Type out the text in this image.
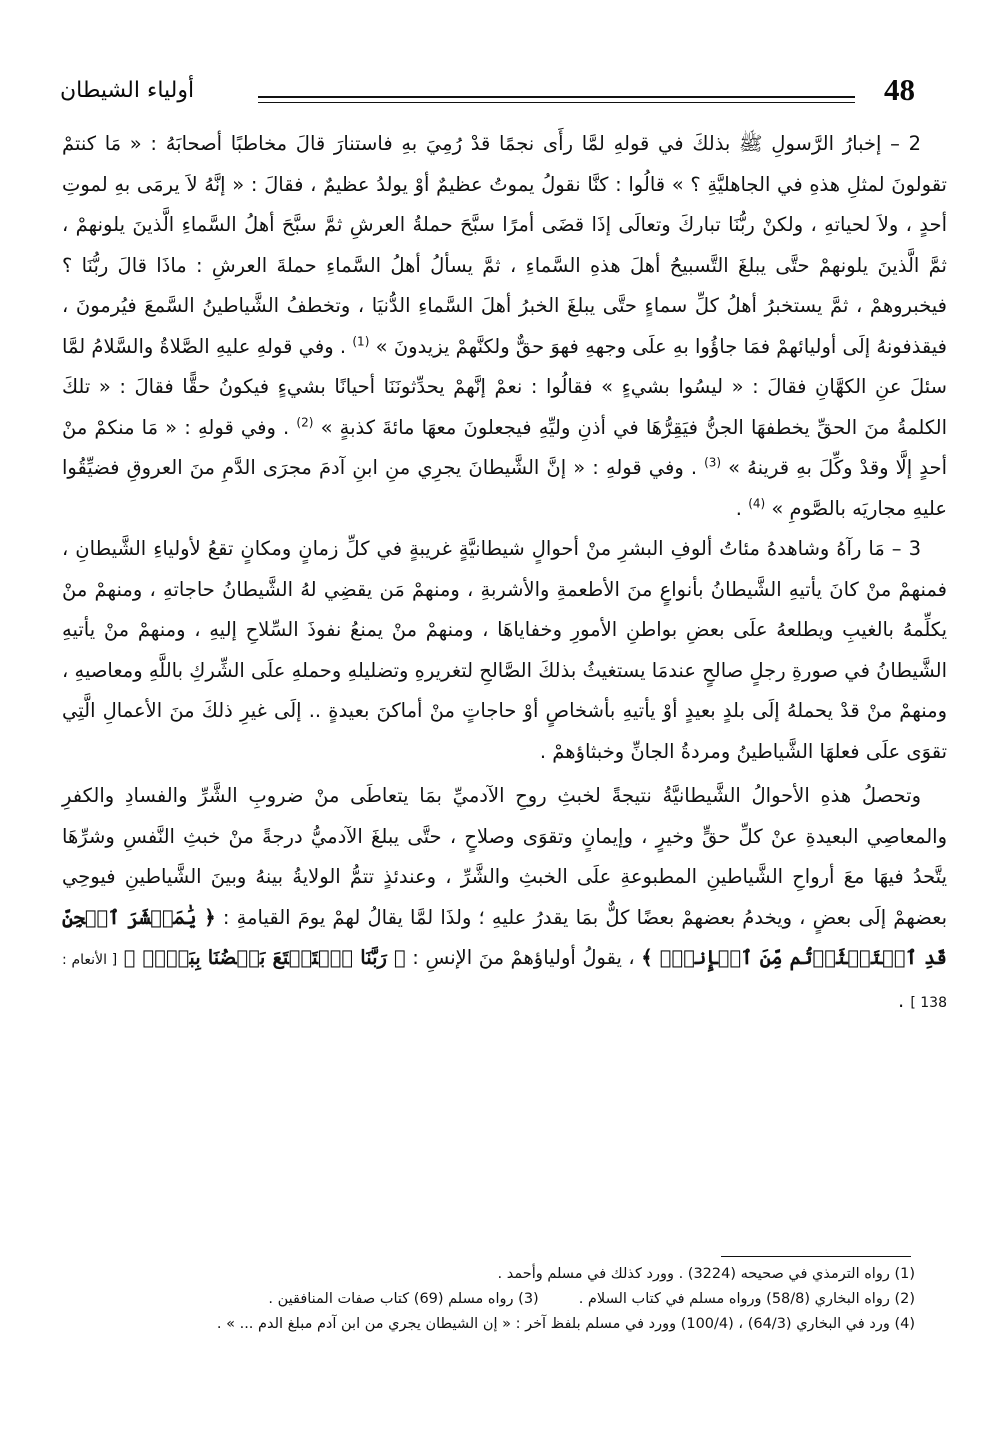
48
أولياء الشيطان

2 – إخبارُ الرَّسولِ ﷺ بذلكَ في قولهِ لمَّا رأَى نجمًا قدْ رُمِيَ بهِ فاستنارَ قالَ مخاطبًا أصحابَهُ : « مَا كنتمْ تقولونَ لمثلِ هذهِ في الجاهليَّةِ ؟ » قالُوا : كنَّا نقولُ يموتُ عظيمٌ أوْ يولدُ عظيمٌ ، فقالَ : « إنَّهُ لاَ يرمَى بهِ لموتِ أحدٍ ، ولاَ لحياتهِ ، ولكنْ ربُّنَا تباركَ وتعالَى إذَا قضَى أمرًا سبَّحَ حملةُ العرشِ ثمَّ سبَّحَ أهلُ السَّماءِ الَّذينَ يلونهمْ ، ثمَّ الَّذينَ يلونهمْ حتَّى يبلغَ التَّسبيحُ أهلَ هذهِ السَّماءِ ، ثمَّ يسألُ أهلُ السَّماءِ حملةَ العرشِ : ماذَا قالَ ربُّنَا ؟ فيخبروهمْ ، ثمَّ يستخبرُ أهلُ كلِّ سماءٍ حتَّى يبلغَ الخبرُ أهلَ السَّماءِ الدُّنيَا ، وتخطفُ الشَّياطينُ السَّمعَ فيُرمونَ ، فيقذفونهُ إلَى أوليائهمْ فمَا جاؤُوا بهِ علَى وجههِ فهوَ حقٌّ ولكنَّهمْ يزيدونَ » $^{(1)}$ . وفي قولهِ عليهِ الصَّلاةُ والسَّلامُ لمَّا سئلَ عنِ الكهَّانِ فقالَ : « ليسُوا بشيءٍ » فقالُوا : نعمْ إنَّهمْ يحدِّثونَنَا أحيانًا بشيءٍ فيكونُ حقًّا فقالَ : « تلكَ الكلمةُ منَ الحقِّ يخطفهَا الجنُّ فيَقِرُّهَا في أذنِ وليِّهِ فيجعلونَ معهَا مائةَ كذبةٍ » $^{(2)}$ . وفي قولهِ : « مَا منكمْ منْ أحدٍ إلَّا وقدْ وكِّلَ بهِ قرينهُ » $^{(3)}$ . وفي قولهِ : « إنَّ الشَّيطانَ يجرِي منِ ابنِ آدمَ مجرَى الدَّمِ منَ العروقِ فضيِّقُوا عليهِ مجاريَه بالصَّومِ » $^{(4)}$ .

3 – مَا رآهُ وشاهدهُ مئاتُ ألوفِ البشرِ منْ أحوالٍ شيطانيَّةٍ غريبةٍ في كلِّ زمانٍ ومكانٍ تقعُ لأولياءِ الشَّيطانِ ، فمنهمْ منْ كانَ يأتيهِ الشَّيطانُ بأنواعٍ منَ الأطعمةِ والأشربةِ ، ومنهمْ مَن يقضِي لهُ الشَّيطانُ حاجاتهِ ، ومنهمْ منْ يكلِّمهُ بالغيبِ ويطلعهُ علَى بعضِ بواطنِ الأمورِ وخفاياهَا ، ومنهمْ منْ يمنعُ نفوذَ السِّلاحِ إليهِ ، ومنهمْ منْ يأتيهِ الشَّيطانُ في صورةِ رجلٍ صالحٍ عندمَا يستغيثُ بذلكَ الصَّالحِ لتغريرهِ وتضليلهِ وحملهِ علَى الشِّركِ باللَّهِ ومعاصيهِ ، ومنهمْ منْ قدْ يحملهُ إلَى بلدٍ بعيدٍ أوْ يأتيهِ بأشخاصٍ أوْ حاجاتٍ منْ أماكنَ بعيدةٍ .. إلَى غيرِ ذلكَ منَ الأعمالِ الَّتِي تقوَى علَى فعلهَا الشَّياطينُ ومردةُ الجانِّ وخبثاؤهمْ .

وتحصلُ هذهِ الأحوالُ الشَّيطانيَّةُ نتيجةً لخبثِ روحِ الآدميِّ بمَا يتعاطَى منْ ضروبِ الشَّرِّ والفسادِ والكفرِ والمعاصِي البعيدةِ عنْ كلِّ حقٍّ وخيرٍ ، وإيمانٍ وتقوَى وصلاحٍ ، حتَّى يبلغَ الآدميُّ درجةً منْ خبثِ النَّفسِ وشرِّهَا يتَّحدُ فيهَا معَ أرواحِ الشَّياطينِ المطبوعةِ علَى الخبثِ والشَّرِّ ، وعندئذٍ تتمُّ الولايةُ بينهُ وبينَ الشَّياطينِ فيوحِي بعضهمْ إلَى بعضٍ ، ويخدمُ بعضهمْ بعضًا كلٌّ بمَا يقدرُ عليهِ ؛ ولذَا لمَّا يقالُ لهمْ يومَ القيامةِ : ﴿ يَٰمَعۡشَرَ ٱلۡجِنِّ قَدِ ٱسۡتَكۡثَرۡتُم مِّنَ ٱلۡإِنسِۖ ﴾ ، يقولُ أولياؤهمْ منَ الإنسِ : ﴿ رَبَّنَا ٱسۡتَمۡتَعَ بَعۡضُنَا بِبَعۡضٖ ﴾ [ الأنعام : 138 ] .

(1) رواه الترمذي في صحيحه (3224) . وورد كذلك في مسلم وأحمد .

(2) رواه البخاري (58/8) ورواه مسلم في كتاب السلام .(3) رواه مسلم (69) كتاب صفات المنافقين .

(4) ورد في البخاري (64/3) ، (100/4) وورد في مسلم بلفظ آخر : « إن الشيطان يجري من ابن آدم مبلغ الدم ... » .
